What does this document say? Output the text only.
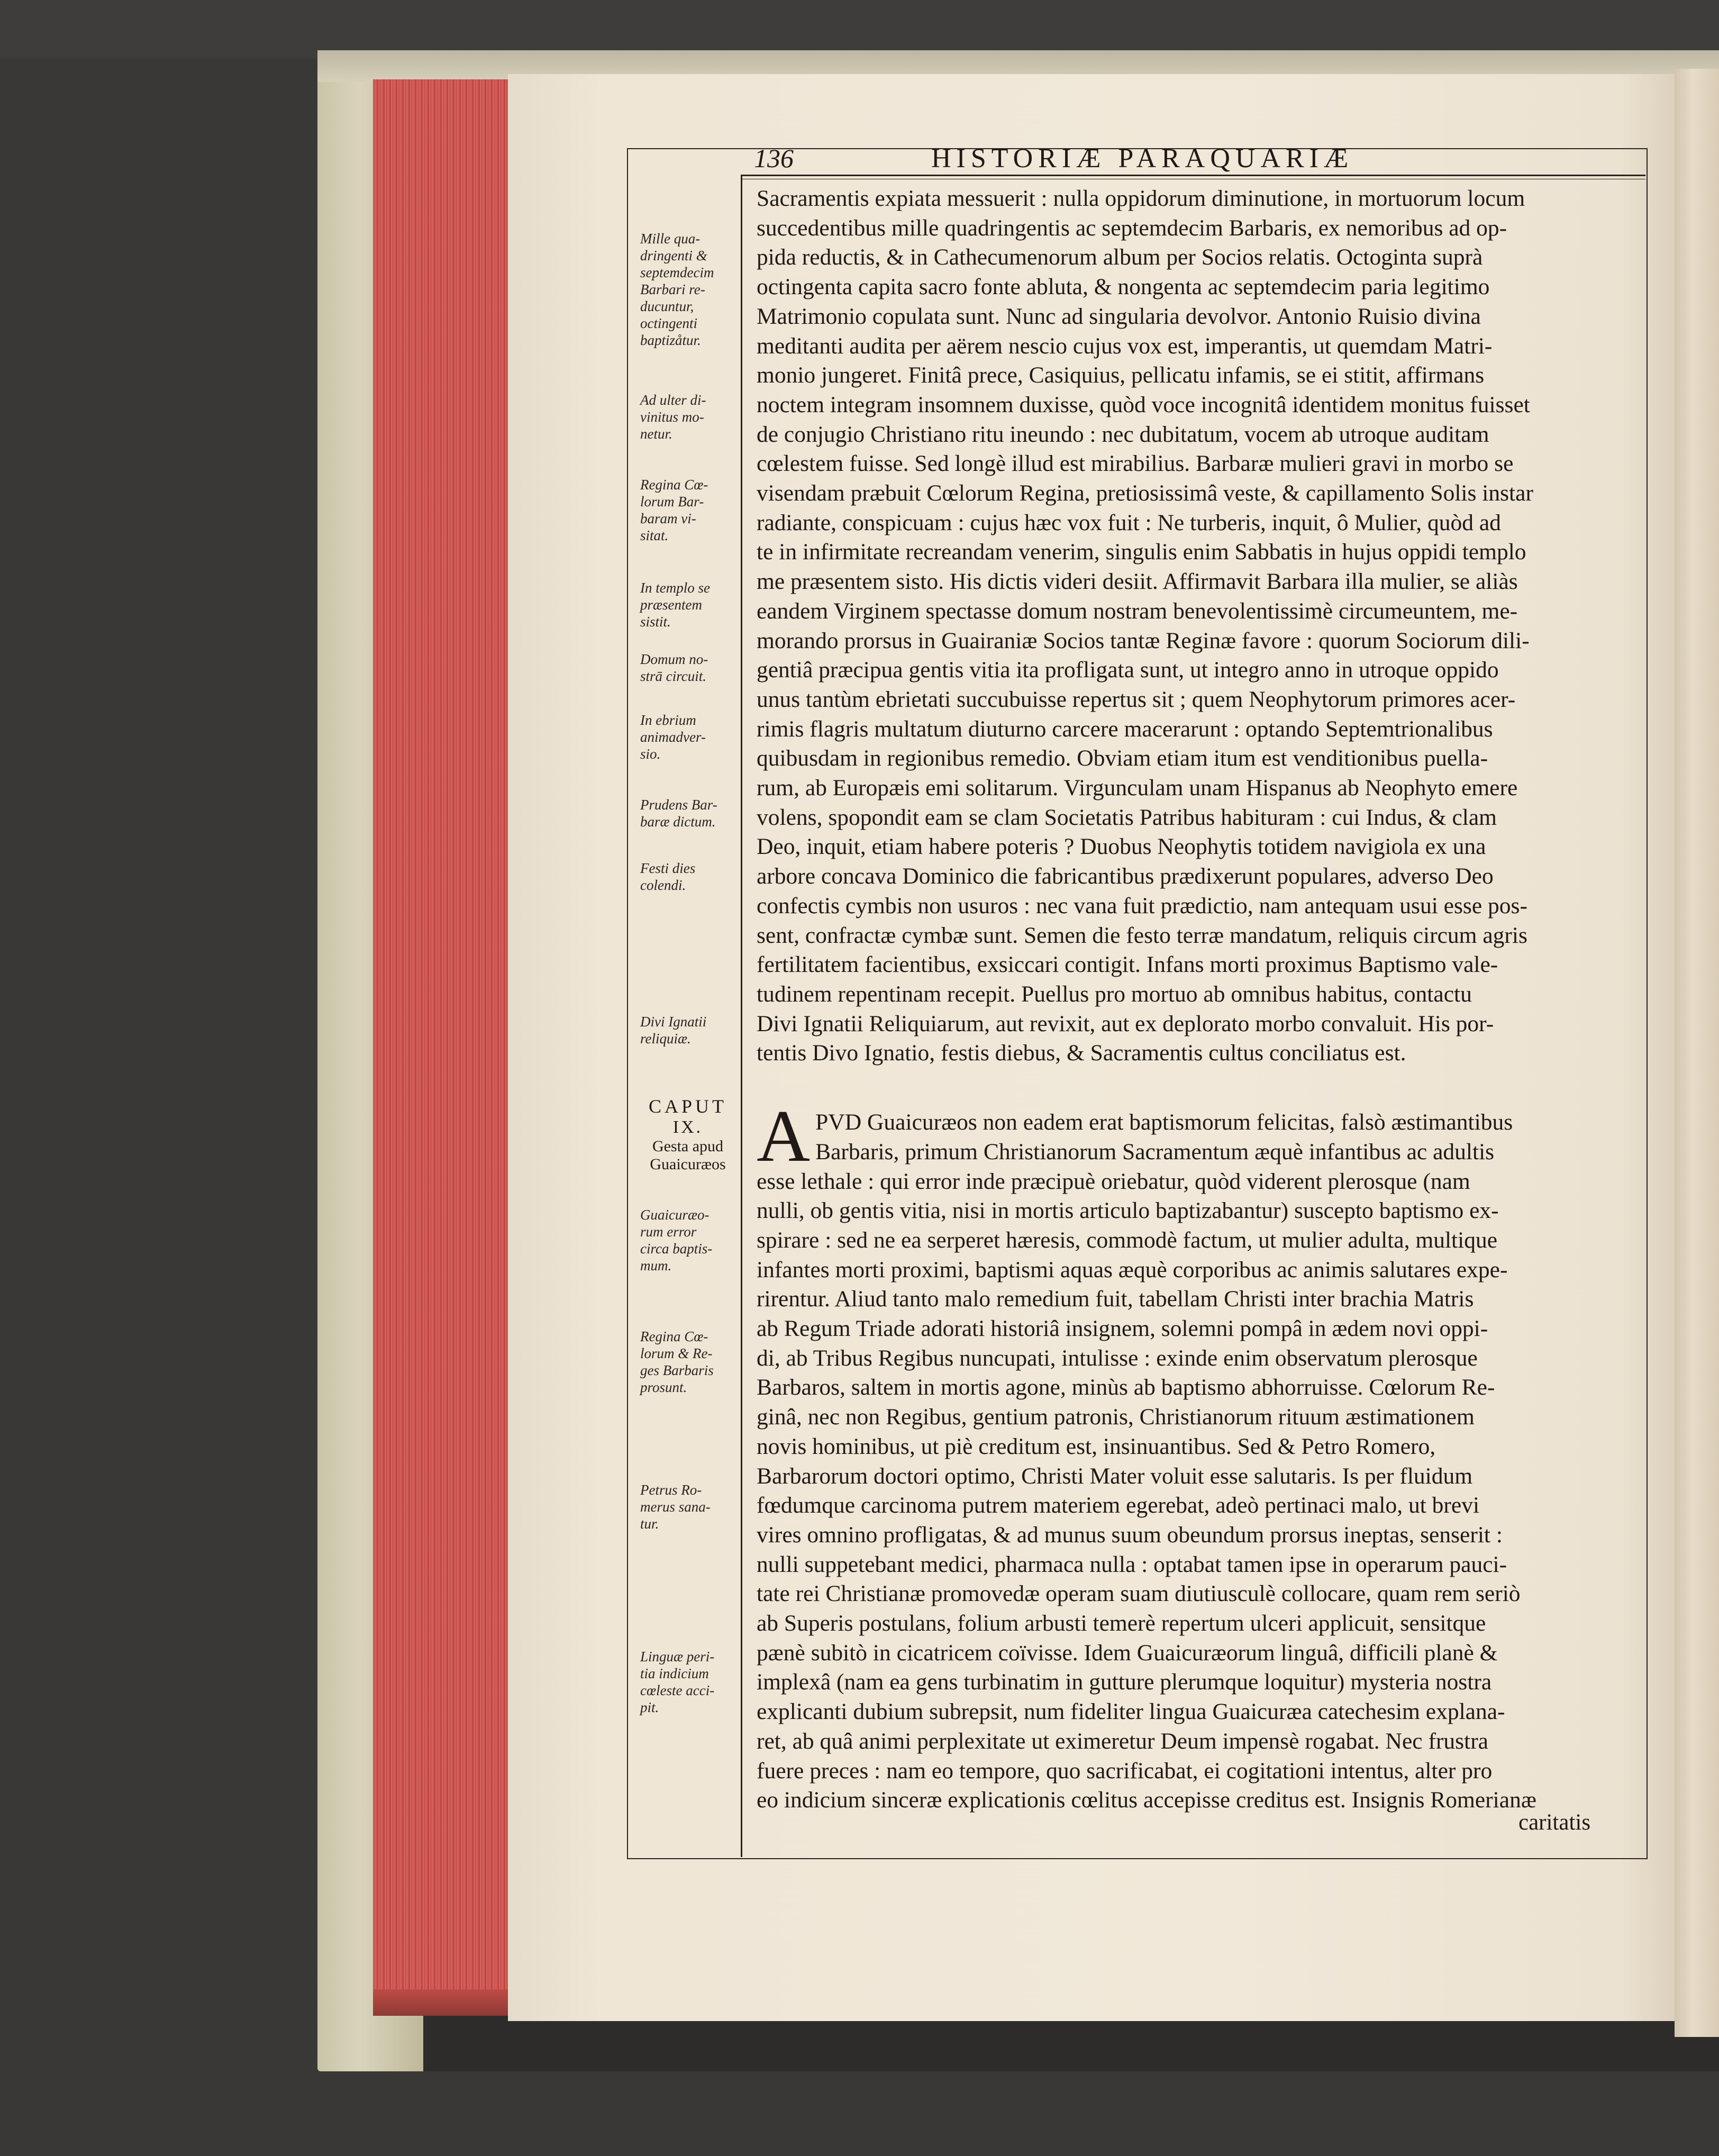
136	HISTORIÆ PARAQUARIÆ
Sacramentis expiata messuerit : nulla oppidorum diminutione, in mortuorum locum
succedentibus mille quadringentis ac septemdecim Barbaris, ex nemoribus ad op-
pida reductis, & in Cathecumenorum album per Socios relatis. Octoginta suprà
octingenta capita sacro fonte abluta, & nongenta ac septemdecim paria legitimo
Matrimonio copulata sunt. Nunc ad singularia devolvor. Antonio Ruisio divina
meditanti audita per aërem nescio cujus vox est, imperantis, ut quemdam Matri-
monio jungeret. Finitâ prece, Casiquius, pellicatu infamis, se ei stitit, affirmans
noctem integram insomnem duxisse, quòd voce incognitâ identidem monitus fuisset
de conjugio Christiano ritu ineundo : nec dubitatum, vocem ab utroque auditam
cœlestem fuisse. Sed longè illud est mirabilius. Barbaræ mulieri gravi in morbo se
visendam præbuit Cœlorum Regina, pretiosissimâ veste, & capillamento Solis instar
radiante, conspicuam : cujus hæc vox fuit : Ne turberis, inquit, ô Mulier, quòd ad
te in infirmitate recreandam venerim, singulis enim Sabbatis in hujus oppidi templo
me præsentem sisto. His dictis videri desiit. Affirmavit Barbara illa mulier, se aliàs
eandem Virginem spectasse domum nostram benevolentissimè circumeuntem, me-
morando prorsus in Guairaniæ Socios tantæ Reginæ favore : quorum Sociorum dili-
gentiâ præcipua gentis vitia ita profligata sunt, ut integro anno in utroque oppido
unus tantùm ebrietati succubuisse repertus sit ; quem Neophytorum primores acer-
rimis flagris multatum diuturno carcere macerarunt : optando Septemtrionalibus
quibusdam in regionibus remedio. Obviam etiam itum est venditionibus puella-
rum, ab Europæis emi solitarum. Virgunculam unam Hispanus ab Neophyto emere
volens, spopondit eam se clam Societatis Patribus habituram : cui Indus, & clam
Deo, inquit, etiam habere poteris ? Duobus Neophytis totidem navigiola ex una
arbore concava Dominico die fabricantibus prædixerunt populares, adverso Deo
confectis cymbis non usuros : nec vana fuit prædictio, nam antequam usui esse pos-
sent, confractæ cymbæ sunt. Semen die festo terræ mandatum, reliquis circum agris
fertilitatem facientibus, exsiccari contigit. Infans morti proximus Baptismo vale-
tudinem repentinam recepit. Puellus pro mortuo ab omnibus habitus, contactu
Divi Ignatii Reliquiarum, aut revixit, aut ex deplorato morbo convaluit. His por-
tentis Divo Ignatio, festis diebus, & Sacramentis cultus conciliatus est.
A PVD Guaicuræos non eadem erat baptismorum felicitas, falsò æstimantibus
Barbaris, primum Christianorum Sacramentum æquè infantibus ac adultis
esse lethale : qui error inde præcipuè oriebatur, quòd viderent plerosque (nam
nulli, ob gentis vitia, nisi in mortis articulo baptizabantur) suscepto baptismo ex-
spirare : sed ne ea serperet hæresis, commodè factum, ut mulier adulta, multique
infantes morti proximi, baptismi aquas æquè corporibus ac animis salutares expe-
rirentur. Aliud tanto malo remedium fuit, tabellam Christi inter brachia Matris
ab Regum Triade adorati historiâ insignem, solemni pompâ in ædem novi oppi-
di, ab Tribus Regibus nuncupati, intulisse : exinde enim observatum plerosque
Barbaros, saltem in mortis agone, minùs ab baptismo abhorruisse. Cœlorum Re-
ginâ, nec non Regibus, gentium patronis, Christianorum rituum æstimationem
novis hominibus, ut piè creditum est, insinuantibus. Sed & Petro Romero,
Barbarorum doctori optimo, Christi Mater voluit esse salutaris. Is per fluidum
fœdumque carcinoma putrem materiem egerebat, adeò pertinaci malo, ut brevi
vires omnino profligatas, & ad munus suum obeundum prorsus ineptas, senserit :
nulli suppetebant medici, pharmaca nulla : optabat tamen ipse in operarum pauci-
tate rei Christianæ promovedæ operam suam diutiusculè collocare, quam rem seriò
ab Superis postulans, folium arbusti temerè repertum ulceri applicuit, sensitque
pænè subitò in cicatricem coïvisse. Idem Guaicuræorum linguâ, difficili planè &
implexâ (nam ea gens turbinatim in gutture plerumque loquitur) mysteria nostra
explicanti dubium subrepsit, num fideliter lingua Guaicuræa catechesim explana-
ret, ab quâ animi perplexitate ut eximeretur Deum impensè rogabat. Nec frustra
fuere preces : nam eo tempore, quo sacrificabat, ei cogitationi intentus, alter pro
eo indicium sinceræ explicationis cœlitus accepisse creditus est. Insignis Romerianæ
caritatis
Mille qua-
dringenti &
septemdecim
Barbari re-
ducuntur,
octingenti
baptizåtur.
Ad ulter di-
vinitus mo-
netur.
Regina Cœ-
lorum Bar-
baram vi-
sitat.
In templo se
præsentem
sistit.
Domum no-
strā circuit.
In ebrium
animadver-
sio.
Prudens Bar-
baræ dictum.
Festi dies
colendi.
Divi Ignatii
reliquiæ.
Guaicuræo-
rum error
circa baptis-
mum.
Regina Cœ-
lorum & Re-
ges Barbaris
prosunt.
Petrus Ro-
merus sana-
tur.
Linguæ peri-
tia indicium
cœleste acci-
pit.
CAPUT
IX.
Gesta apud
Guaicuræos
